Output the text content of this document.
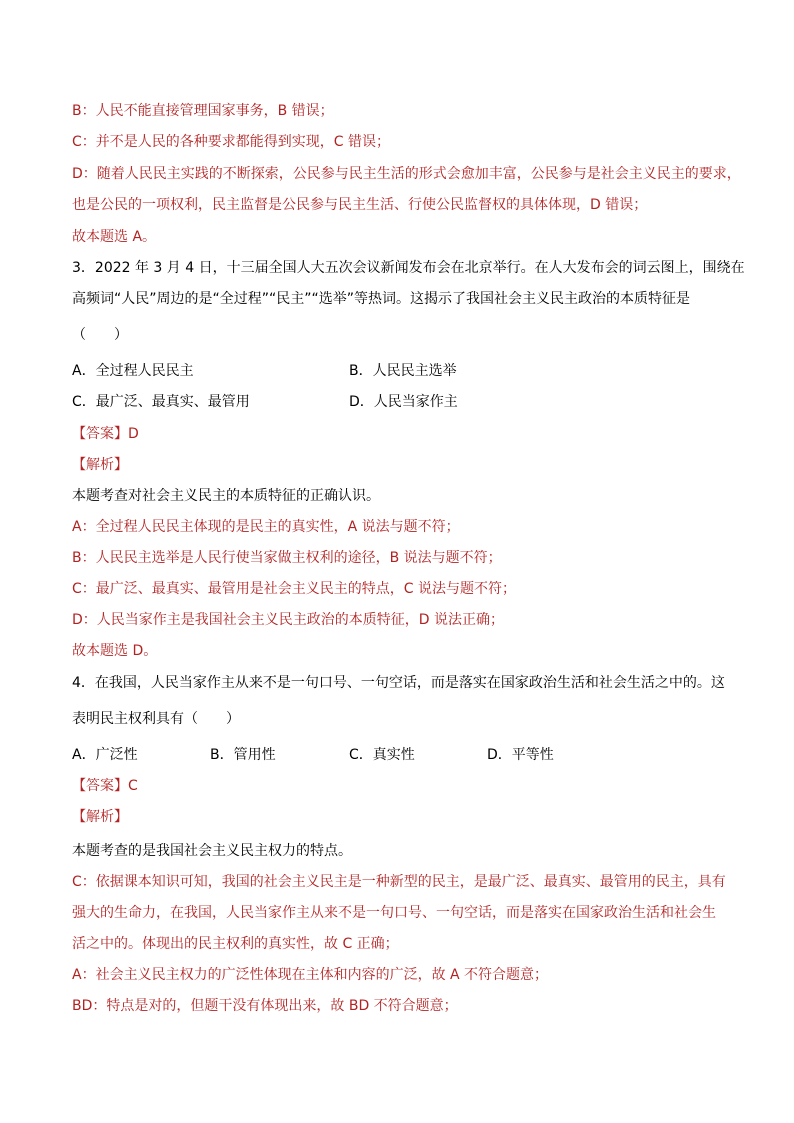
B：人民不能直接管理国家事务，B 错误；
C：并不是人民的各种要求都能得到实现，C 错误；
D：随着人民民主实践的不断探索，公民参与民主生活的形式会愈加丰富，公民参与是社会主义民主的要求，
也是公民的一项权利，民主监督是公民参与民主生活、行使公民监督权的具体体现，D 错误；
故本题选 A。
3．2022 年 3 月 4 日，十三届全国人大五次会议新闻发布会在北京举行。在人大发布会的词云图上，围绕在
高频词“人民”周边的是“全过程”“民主”“选举”等热词。这揭示了我国社会主义民主政治的本质特征是
（　　）
A．全过程人民民主	B．人民民主选举
C．最广泛、最真实、最管用	D．人民当家作主
【答案】D
【解析】
本题考查对社会主义民主的本质特征的正确认识。
A：全过程人民民主体现的是民主的真实性，A 说法与题不符；
B：人民民主选举是人民行使当家做主权利的途径，B 说法与题不符；
C：最广泛、最真实、最管用是社会主义民主的特点，C 说法与题不符；
D：人民当家作主是我国社会主义民主政治的本质特征，D 说法正确；
故本题选 D。
4．在我国，人民当家作主从来不是一句口号、一句空话，而是落实在国家政治生活和社会生活之中的。这
表明民主权利具有（　　）
A．广泛性	B．管用性	C．真实性	D．平等性
【答案】C
【解析】
本题考查的是我国社会主义民主权力的特点。
C：依据课本知识可知，我国的社会主义民主是一种新型的民主，是最广泛、最真实、最管用的民主，具有
强大的生命力，在我国，人民当家作主从来不是一句口号、一句空话，而是落实在国家政治生活和社会生
活之中的。体现出的民主权利的真实性，故 C 正确；
A：社会主义民主权力的广泛性体现在主体和内容的广泛，故 A 不符合题意；
BD：特点是对的，但题干没有体现出来，故 BD 不符合题意；
